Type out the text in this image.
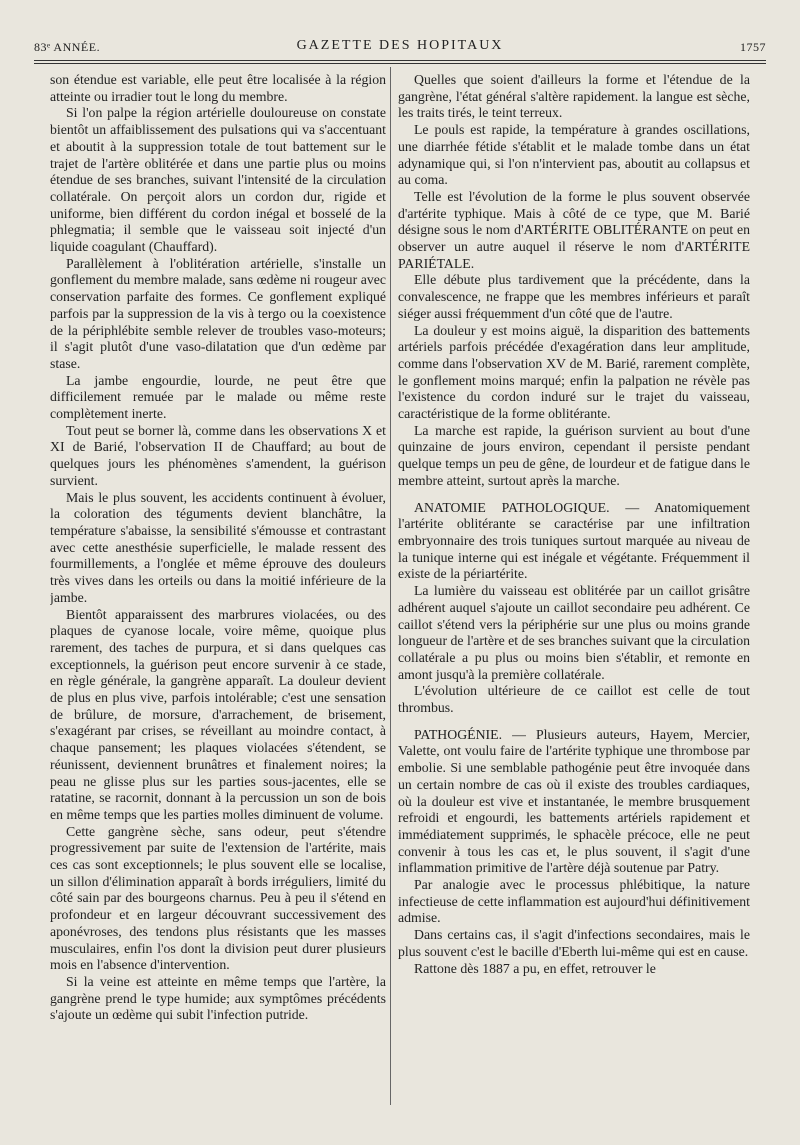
83ᵉ ANNÉE.	GAZETTE DES HOPITAUX	1757

son étendue est variable, elle peut être localisée à la région atteinte ou irradier tout le long du membre.

Si l'on palpe la région artérielle douloureuse on constate bientôt un affaiblissement des pulsations qui va s'accentuant et aboutit à la suppression totale de tout battement sur le trajet de l'artère oblitérée et dans une partie plus ou moins étendue de ses branches, suivant l'intensité de la circulation collatérale. On perçoit alors un cordon dur, rigide et uniforme, bien différent du cordon inégal et bosselé de la phlegmatia; il semble que le vaisseau soit injecté d'un liquide coagulant (Chauffard).

Parallèlement à l'oblitération artérielle, s'installe un gonflement du membre malade, sans œdème ni rougeur avec conservation parfaite des formes. Ce gonflement expliqué parfois par la suppression de la vis à tergo ou la coexistence de la périphlébite semble relever de troubles vaso-moteurs; il s'agit plutôt d'une vaso-dilatation que d'un œdème par stase.

La jambe engourdie, lourde, ne peut être que difficilement remuée par le malade ou même reste complètement inerte.

Tout peut se borner là, comme dans les observations X et XI de Barié, l'observation II de Chauffard; au bout de quelques jours les phénomènes s'amendent, la guérison survient.

Mais le plus souvent, les accidents continuent à évoluer, la coloration des téguments devient blanchâtre, la température s'abaisse, la sensibilité s'émousse et contrastant avec cette anesthésie superficielle, le malade ressent des fourmillements, a l'onglée et même éprouve des douleurs très vives dans les orteils ou dans la moitié inférieure de la jambe.

Bientôt apparaissent des marbrures violacées, ou des plaques de cyanose locale, voire même, quoique plus rarement, des taches de purpura, et si dans quelques cas exceptionnels, la guérison peut encore survenir à ce stade, en règle générale, la gangrène apparaît. La douleur devient de plus en plus vive, parfois intolérable; c'est une sensation de brûlure, de morsure, d'arrachement, de brisement, s'exagérant par crises, se réveillant au moindre contact, à chaque pansement; les plaques violacées s'étendent, se réunissent, deviennent brunâtres et finalement noires; la peau ne glisse plus sur les parties sous-jacentes, elle se ratatine, se racornit, donnant à la percussion un son de bois en même temps que les parties molles diminuent de volume.

Cette gangrène sèche, sans odeur, peut s'étendre progressivement par suite de l'extension de l'artérite, mais ces cas sont exceptionnels; le plus souvent elle se localise, un sillon d'élimination apparaît à bords irréguliers, limité du côté sain par des bourgeons charnus. Peu à peu il s'étend en profondeur et en largeur découvrant successivement des aponévroses, des tendons plus résistants que les masses musculaires, enfin l'os dont la division peut durer plusieurs mois en l'absence d'intervention.

Si la veine est atteinte en même temps que l'artère, la gangrène prend le type humide; aux symptômes précédents s'ajoute un œdème qui subit l'infection putride.

Quelles que soient d'ailleurs la forme et l'étendue de la gangrène, l'état général s'altère rapidement. la langue est sèche, les traits tirés, le teint terreux.

Le pouls est rapide, la température à grandes oscillations, une diarrhée fétide s'établit et le malade tombe dans un état adynamique qui, si l'on n'intervient pas, aboutit au collapsus et au coma.

Telle est l'évolution de la forme le plus souvent observée d'artérite typhique. Mais à côté de ce type, que M. Barié désigne sous le nom d'ARTÉRITE OBLITÉRANTE on peut en observer un autre auquel il réserve le nom d'ARTÉRITE PARIÉTALE.

Elle débute plus tardivement que la précédente, dans la convalescence, ne frappe que les membres inférieurs et paraît siéger aussi fréquemment d'un côté que de l'autre.

La douleur y est moins aiguë, la disparition des battements artériels parfois précédée d'exagération dans leur amplitude, comme dans l'observation XV de M. Barié, rarement complète, le gonflement moins marqué; enfin la palpation ne révèle pas l'existence du cordon induré sur le trajet du vaisseau, caractéristique de la forme oblitérante.

La marche est rapide, la guérison survient au bout d'une quinzaine de jours environ, cependant il persiste pendant quelque temps un peu de gêne, de lourdeur et de fatigue dans le membre atteint, surtout après la marche.

ANATOMIE PATHOLOGIQUE. — Anatomiquement l'artérite oblitérante se caractérise par une infiltration embryonnaire des trois tuniques surtout marquée au niveau de la tunique interne qui est inégale et végétante. Fréquemment il existe de la périartérite.

La lumière du vaisseau est oblitérée par un caillot grisâtre adhérent auquel s'ajoute un caillot secondaire peu adhérent. Ce caillot s'étend vers la périphérie sur une plus ou moins grande longueur de l'artère et de ses branches suivant que la circulation collatérale a pu plus ou moins bien s'établir, et remonte en amont jusqu'à la première collatérale.

L'évolution ultérieure de ce caillot est celle de tout thrombus.

PATHOGÉNIE. — Plusieurs auteurs, Hayem, Mercier, Valette, ont voulu faire de l'artérite typhique une thrombose par embolie. Si une semblable pathogénie peut être invoquée dans un certain nombre de cas où il existe des troubles cardiaques, où la douleur est vive et instantanée, le membre brusquement refroidi et engourdi, les battements artériels rapidement et immédiatement supprimés, le sphacèle précoce, elle ne peut convenir à tous les cas et, le plus souvent, il s'agit d'une inflammation primitive de l'artère déjà soutenue par Patry.

Par analogie avec le processus phlébitique, la nature infectieuse de cette inflammation est aujourd'hui définitivement admise.

Dans certains cas, il s'agit d'infections secondaires, mais le plus souvent c'est le bacille d'Eberth lui-même qui est en cause.

Rattone dès 1887 a pu, en effet, retrouver le
